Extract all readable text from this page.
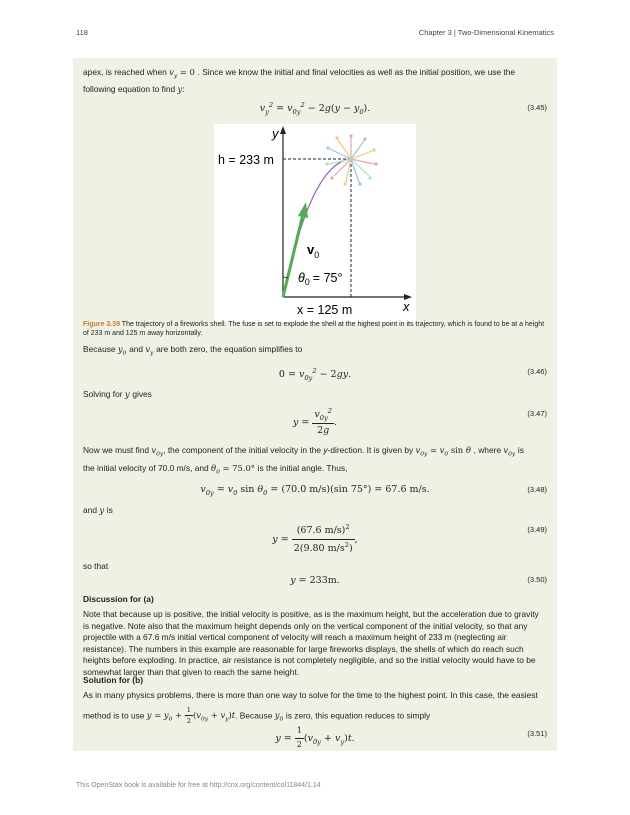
118	Chapter 3 | Two-Dimensional Kinematics
apex, is reached when $v_y = 0$ . Since we know the initial and final velocities as well as the initial position, we use the
following equation to find y:
$v_y^2 = v_{0y}^2 - 2g(y - y_0)$.	(3.45)
y
x
h = 233 m
x = 125 m
$v_0$
$\theta_0 = 75^\circ$
Figure 3.39 The trajectory of a fireworks shell. The fuse is set to explode the shell at the highest point in its trajectory, which is found to be at a height of 233 m and 125 m away horizontally.
Because $y_0$ and $v_y$ are both zero, the equation simplifies to
$0 = v_{0y}^2 - 2gy$.	(3.46)
Solving for y gives
$y = \frac{v_{0y}^2}{2g}$ .
(3.47)
Now we must find $v_{0y}$, the component of the initial velocity in the y-direction. It is given by $v_{0y} = v_0$ sin θ , where $v_{0y}$ is
the initial velocity of 70.0 m/s, and $\theta_0 = 75.0^\circ$ is the initial angle. Thus,
$v_{0y} = v_0$ $\sin \theta_0 = (70.0$ m/s)(sin 75°) = 67.6 m/s.	(3.48)
and y is
$y = \frac{(67.6 m/s)^2}{2(9.80 m/s^2)}$ ,
(3.49)
so that
y = 233m.	(3.50)
Discussion for (a)
Note that because up is positive, the initial velocity is positive, as is the maximum height, but the acceleration due to gravity is negative. Note also that the maximum height depends only on the vertical component of the initial velocity, so that any projectile with a 67.6 m/s initial vertical component of velocity will reach a maximum height of 233 m (neglecting air resistance). The numbers in this example are reasonable for large fireworks displays, the shells of which do reach such heights before exploding. In practice, air resistance is not completely negligible, and so the initial velocity would have to be somewhat larger than that given to reach the same height.
Solution for (b)
As in many physics problems, there is more than one way to solve for the time to the highest point. In this case, the easiest
method is to use $y = y_0 + \frac{1}{2} (v_{0y} + v_y)t$. Because $y_0$ is zero, this equation reduces to simply
$y = \frac{1}{2} (v_{0y} + v_y)t$.	(3.51)
This OpenStax book is available for free at http://cnx.org/content/col11844/1.14
